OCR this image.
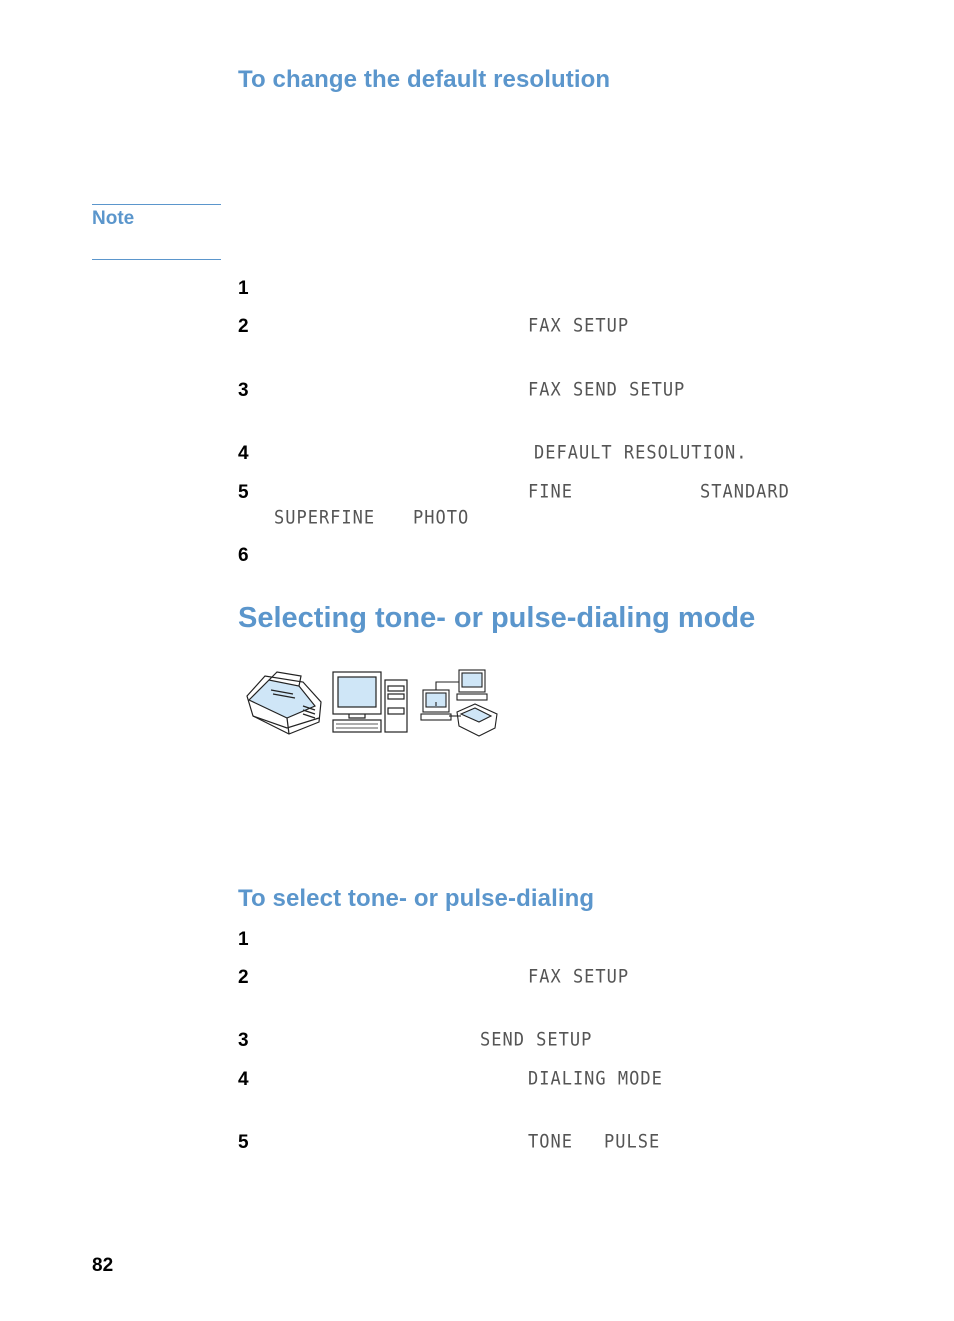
To change the default resolution
Note
1
2	FAX SETUP
3	FAX SEND SETUP
4	DEFAULT RESOLUTION.
5	FINE	STANDARD
SUPERFINE PHOTO
6
Selecting tone- or pulse-dialing mode
To select tone- or pulse-dialing
1
2	FAX SETUP
3	SEND SETUP
4	DIALING MODE
5	TONE PULSE
82
